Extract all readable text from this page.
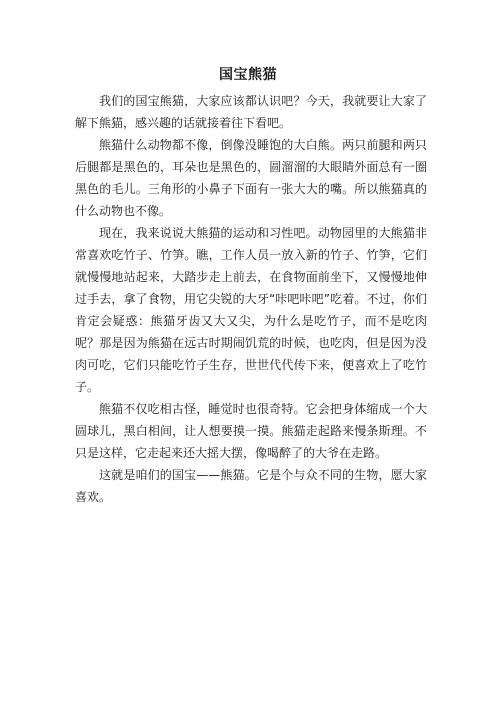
国宝熊猫

我们的国宝熊猫，大家应该都认识吧？今天，我就要让大家了解下熊猫，感兴趣的话就接着往下看吧。

熊猫什么动物都不像，倒像没睡饱的大白熊。两只前腿和两只后腿都是黑色的，耳朵也是黑色的，圆溜溜的大眼睛外面总有一圈黑色的毛儿。三角形的小鼻子下面有一张大大的嘴。所以熊猫真的什么动物也不像。

现在，我来说说大熊猫的运动和习性吧。动物园里的大熊猫非常喜欢吃竹子、竹笋。瞧，工作人员一放入新的竹子、竹笋，它们就慢慢地站起来，大踏步走上前去，在食物面前坐下，又慢慢地伸过手去，拿了食物，用它尖锐的大牙“咔吧咔吧”吃着。不过，你们肯定会疑惑：熊猫牙齿又大又尖，为什么是吃竹子，而不是吃肉呢？那是因为熊猫在远古时期闹饥荒的时候，也吃肉，但是因为没肉可吃，它们只能吃竹子生存，世世代代传下来，便喜欢上了吃竹子。

熊猫不仅吃相古怪，睡觉时也很奇特。它会把身体缩成一个大圆球儿，黑白相间，让人想要摸一摸。熊猫走起路来慢条斯理。不只是这样，它走起来还大摇大摆，像喝醉了的大爷在走路。

这就是咱们的国宝——熊猫。它是个与众不同的生物，愿大家喜欢。
